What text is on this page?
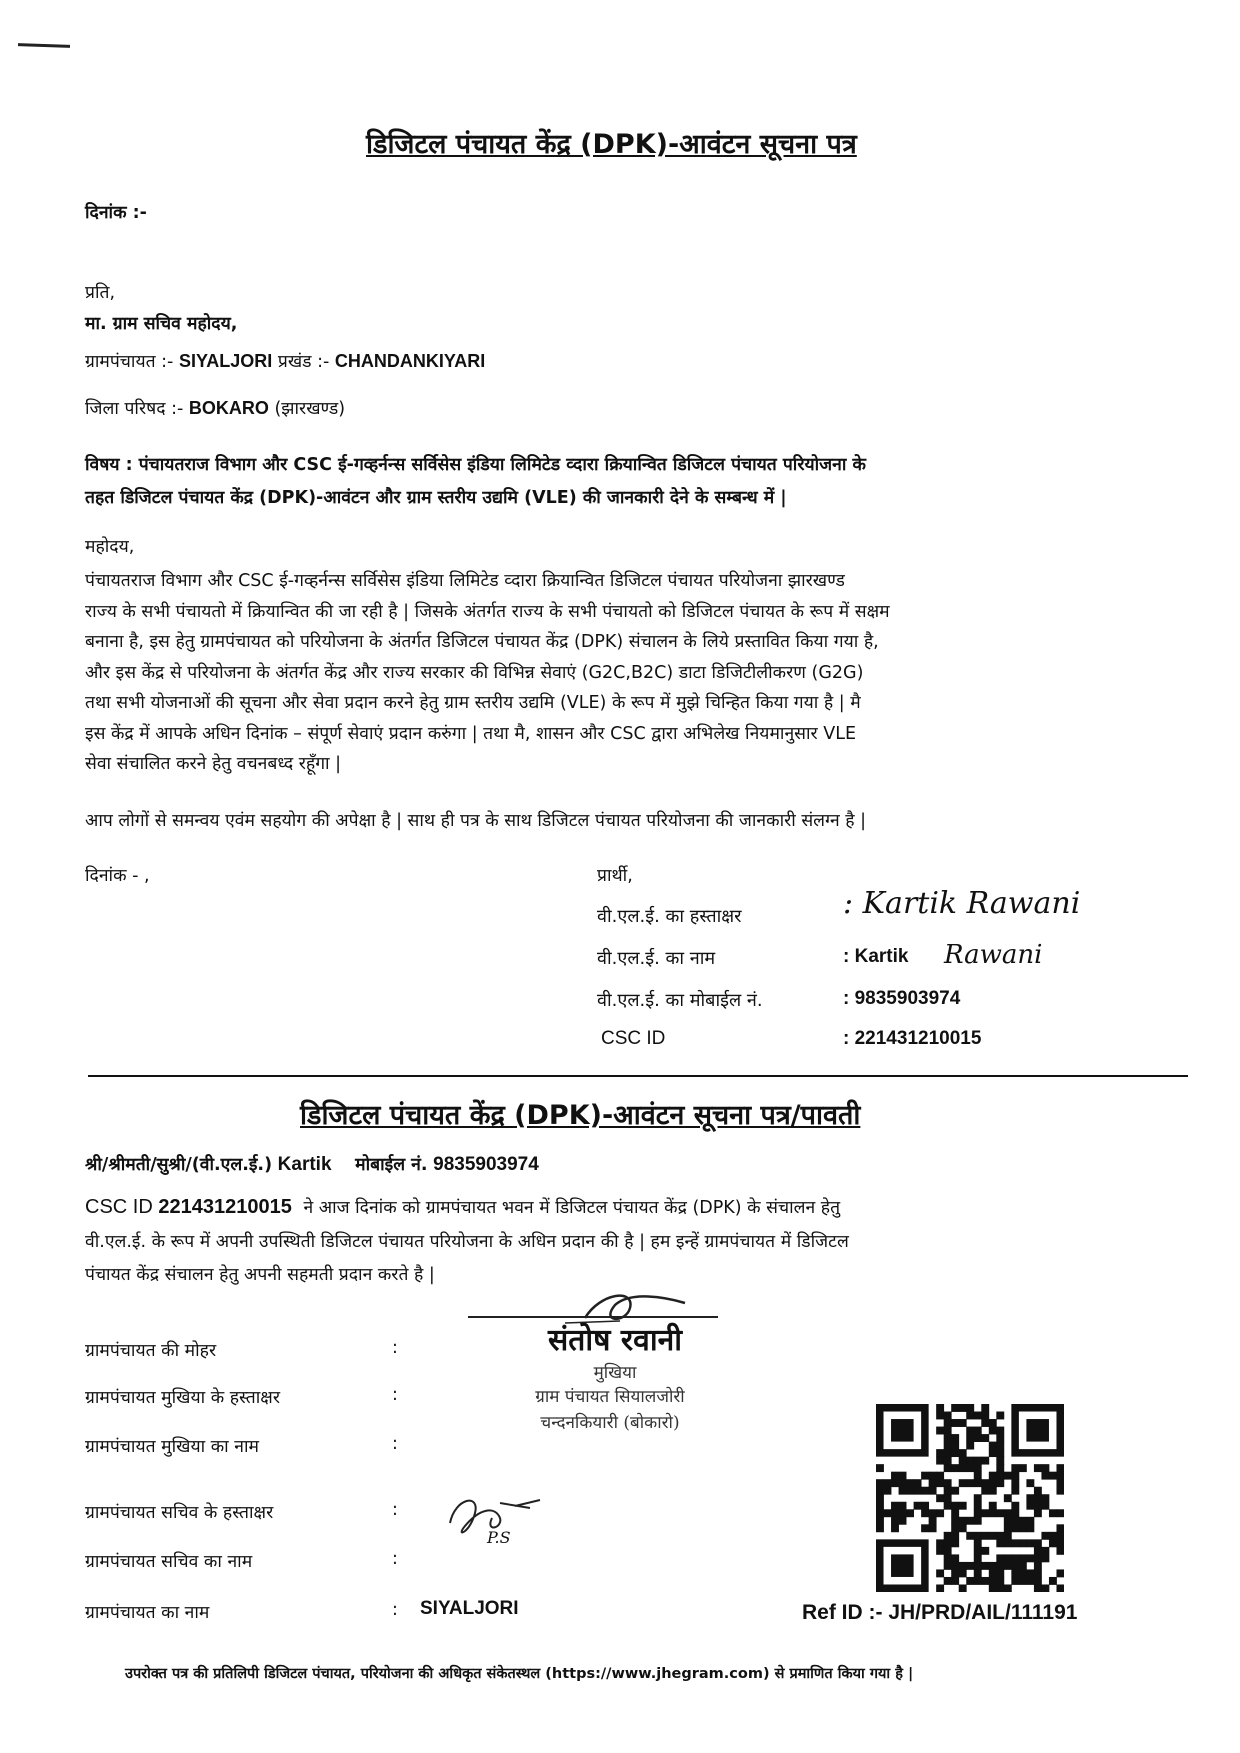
डिजिटल पंचायत केंद्र (DPK)-आवंटन सूचना पत्र
दिनांक :-
प्रति,
मा. ग्राम सचिव महोदय,
ग्रामपंचायत :- SIYALJORI प्रखंड :- CHANDANKIYARI
जिला परिषद :- BOKARO (झारखण्ड)
विषय : पंचायतराज विभाग और CSC ई-गव्हर्नन्स सर्विसेस इंडिया लिमिटेड व्दारा क्रियान्वित डिजिटल पंचायत परियोजना के
तहत डिजिटल पंचायत केंद्र (DPK)-आवंटन और ग्राम स्तरीय उद्यमि (VLE) की जानकारी देने के सम्बन्ध में |
महोदय,
पंचायतराज विभाग और CSC ई-गव्हर्नन्स सर्विसेस इंडिया लिमिटेड व्दारा क्रियान्वित डिजिटल पंचायत परियोजना झारखण्ड
राज्य के सभी पंचायतो में क्रियान्वित की जा रही है | जिसके अंतर्गत राज्य के सभी पंचायतो को डिजिटल पंचायत के रूप में सक्षम
बनाना है, इस हेतु ग्रामपंचायत को परियोजना के अंतर्गत डिजिटल पंचायत केंद्र (DPK) संचालन के लिये प्रस्तावित किया गया है,
और इस केंद्र से परियोजना के अंतर्गत केंद्र और राज्य सरकार की विभिन्न सेवाएं (G2C,B2C) डाटा डिजिटीलीकरण (G2G)
तथा सभी योजनाओं की सूचना और सेवा प्रदान करने हेतु ग्राम स्तरीय उद्यमि (VLE) के रूप में मुझे चिन्हित किया गया है | मै
इस केंद्र में आपके अधिन दिनांक – संपूर्ण सेवाएं प्रदान करुंगा | तथा मै, शासन और CSC द्वारा अभिलेख नियमानुसार VLE
सेवा संचालित करने हेतु वचनबध्द रहूँगा |
आप लोगों से समन्वय एवंम सहयोग की अपेक्षा है | साथ ही पत्र के साथ डिजिटल पंचायत परियोजना की जानकारी संलग्न है |
दिनांक - ,	प्रार्थी,
वी.एल.ई. का हस्ताक्षर	: Kartik Rawani
वी.एल.ई. का नाम	: Kartik Rawani
वी.एल.ई. का मोबाईल नं.	: 9835903974
CSC ID	: 221431210015
डिजिटल पंचायत केंद्र (DPK)-आवंटन सूचना पत्र/पावती
श्री/श्रीमती/सुश्री/(वी.एल.ई.) Kartik मोबाईल नं. 9835903974
CSC ID 221431210015 ने आज दिनांक को ग्रामपंचायत भवन में डिजिटल पंचायत केंद्र (DPK) के संचालन हेतु
वी.एल.ई. के रूप में अपनी उपस्थिती डिजिटल पंचायत परियोजना के अधिन प्रदान की है | हम इन्हें ग्रामपंचायत में डिजिटल
पंचायत केंद्र संचालन हेतु अपनी सहमती प्रदान करते है |
ग्रामपंचायत की मोहर	:
ग्रामपंचायत मुखिया के हस्ताक्षर	:
ग्रामपंचायत मुखिया का नाम	:
ग्रामपंचायत सचिव के हस्ताक्षर	:
ग्रामपंचायत सचिव का नाम	:
ग्रामपंचायत का नाम	: SIYALJORI
संतोष रवानी
मुखिया
ग्राम पंचायत सियालजोरी
चन्दनकियारी (बोकारो)
P.S
Ref ID :- JH/PRD/AIL/111191
उपरोक्त पत्र की प्रतिलिपी डिजिटल पंचायत, परियोजना की अधिकृत संकेतस्थल (https://www.jhegram.com) से प्रमाणित किया गया है |
